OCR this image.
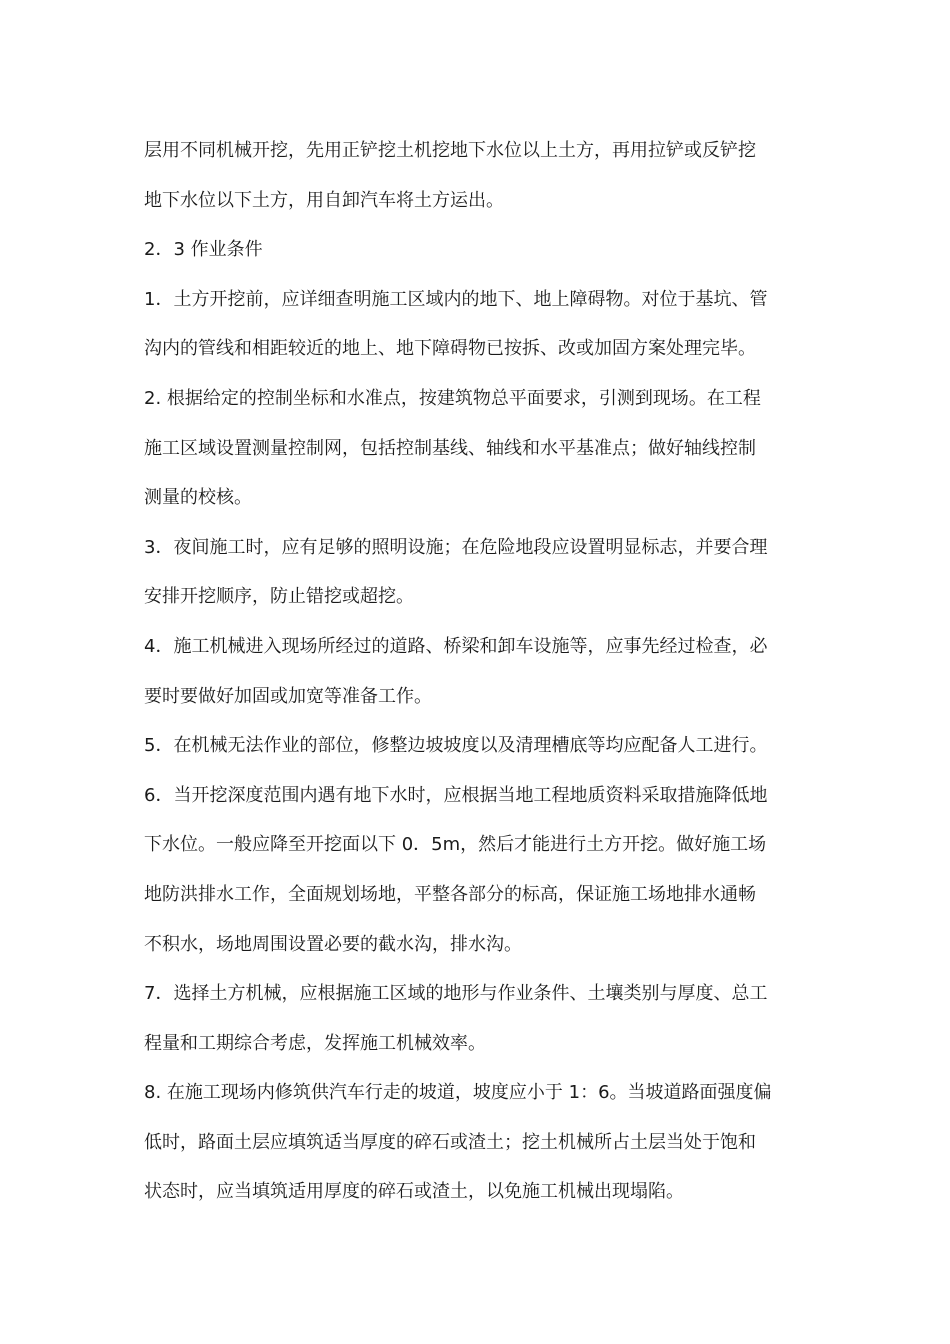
层用不同机械开挖，先用正铲挖土机挖地下水位以上土方，再用拉铲或反铲挖
地下水位以下土方，用自卸汽车将土方运出。
2．3 作业条件
1．土方开挖前，应详细查明施工区域内的地下、地上障碍物。对位于基坑、管
沟内的管线和相距较近的地上、地下障碍物已按拆、改或加固方案处理完毕。
2. 根据给定的控制坐标和水准点，按建筑物总平面要求，引测到现场。在工程
施工区域设置测量控制网，包括控制基线、轴线和水平基准点；做好轴线控制
测量的校核。
3．夜间施工时，应有足够的照明设施；在危险地段应设置明显标志，并要合理
安排开挖顺序，防止错挖或超挖。
4．施工机械进入现场所经过的道路、桥梁和卸车设施等，应事先经过检查，必
要时要做好加固或加宽等准备工作。
5．在机械无法作业的部位，修整边坡坡度以及清理槽底等均应配备人工进行。
6．当开挖深度范围内遇有地下水时，应根据当地工程地质资料采取措施降低地
下水位。一般应降至开挖面以下 0．5m，然后才能进行土方开挖。做好施工场
地防洪排水工作，全面规划场地，平整各部分的标高，保证施工场地排水通畅
不积水，场地周围设置必要的截水沟，排水沟。
7．选择土方机械，应根据施工区域的地形与作业条件、土壤类别与厚度、总工
程量和工期综合考虑，发挥施工机械效率。
8. 在施工现场内修筑供汽车行走的坡道，坡度应小于 1：6。当坡道路面强度偏
低时，路面土层应填筑适当厚度的碎石或渣土；挖土机械所占土层当处于饱和
状态时，应当填筑适用厚度的碎石或渣土，以免施工机械出现塌陷。
